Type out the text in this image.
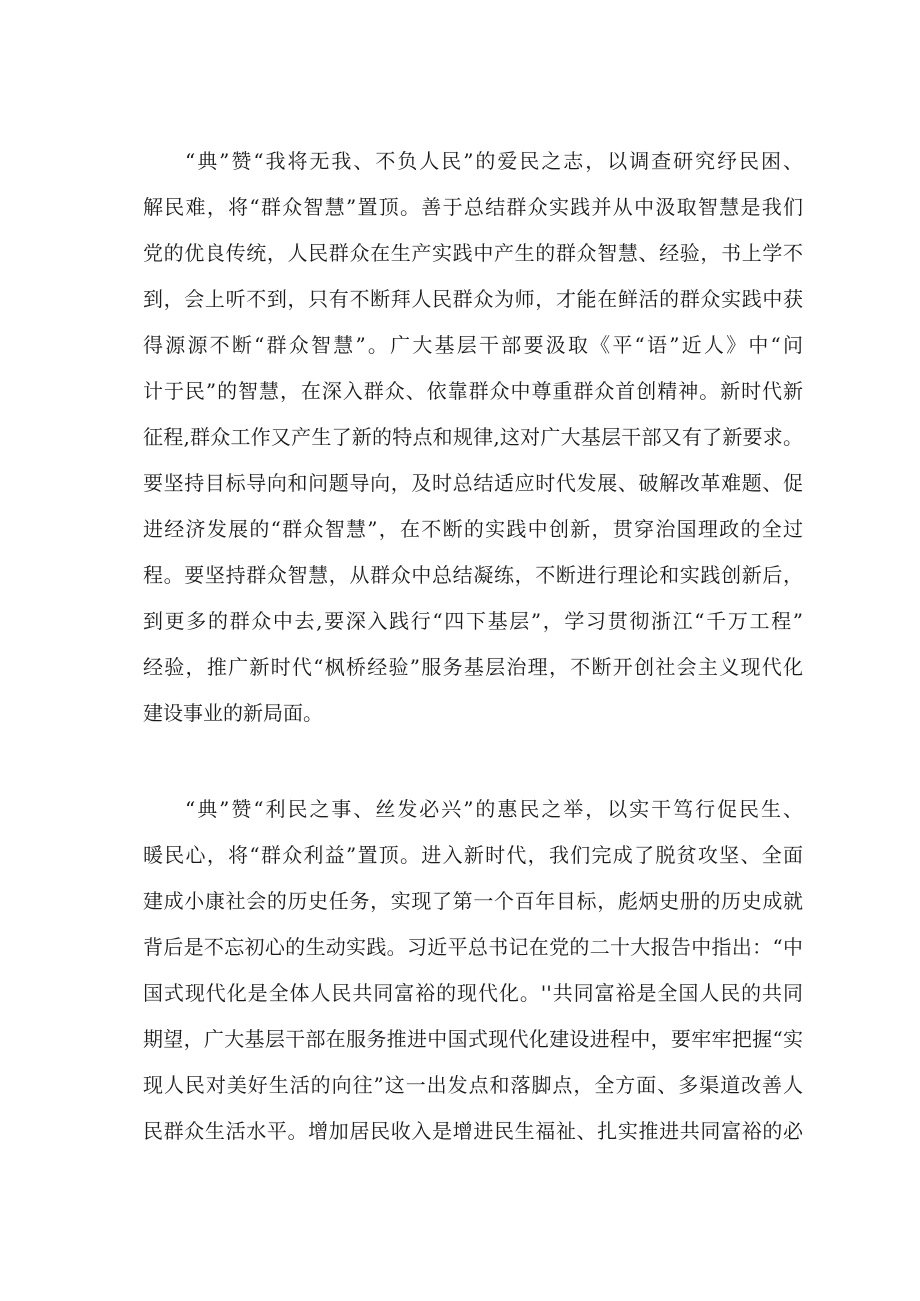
“典”赞“我将无我、不负人民”的爱民之志，以调查研究纾民困、
解民难，将“群众智慧”置顶。善于总结群众实践并从中汲取智慧是我们
党的优良传统，人民群众在生产实践中产生的群众智慧、经验，书上学不
到，会上听不到，只有不断拜人民群众为师，才能在鲜活的群众实践中获
得源源不断“群众智慧”。广大基层干部要汲取《平“语”近人》中“问
计于民”的智慧，在深入群众、依靠群众中尊重群众首创精神。新时代新
征程,群众工作又产生了新的特点和规律,这对广大基层干部又有了新要求。
要坚持目标导向和问题导向，及时总结适应时代发展、破解改革难题、促
进经济发展的“群众智慧”，在不断的实践中创新，贯穿治国理政的全过
程。要坚持群众智慧，从群众中总结凝练，不断进行理论和实践创新后，
到更多的群众中去,要深入践行“四下基层”，学习贯彻浙江“千万工程”
经验，推广新时代“枫桥经验”服务基层治理，不断开创社会主义现代化
建设事业的新局面。
“典”赞“利民之事、丝发必兴”的惠民之举，以实干笃行促民生、
暖民心，将“群众利益”置顶。进入新时代，我们完成了脱贫攻坚、全面
建成小康社会的历史任务，实现了第一个百年目标，彪炳史册的历史成就
背后是不忘初心的生动实践。习近平总书记在党的二十大报告中指出：“中
国式现代化是全体人民共同富裕的现代化。''共同富裕是全国人民的共同
期望，广大基层干部在服务推进中国式现代化建设进程中，要牢牢把握“实
现人民对美好生活的向往”这一出发点和落脚点，全方面、多渠道改善人
民群众生活水平。增加居民收入是增进民生福祉、扎实推进共同富裕的必
